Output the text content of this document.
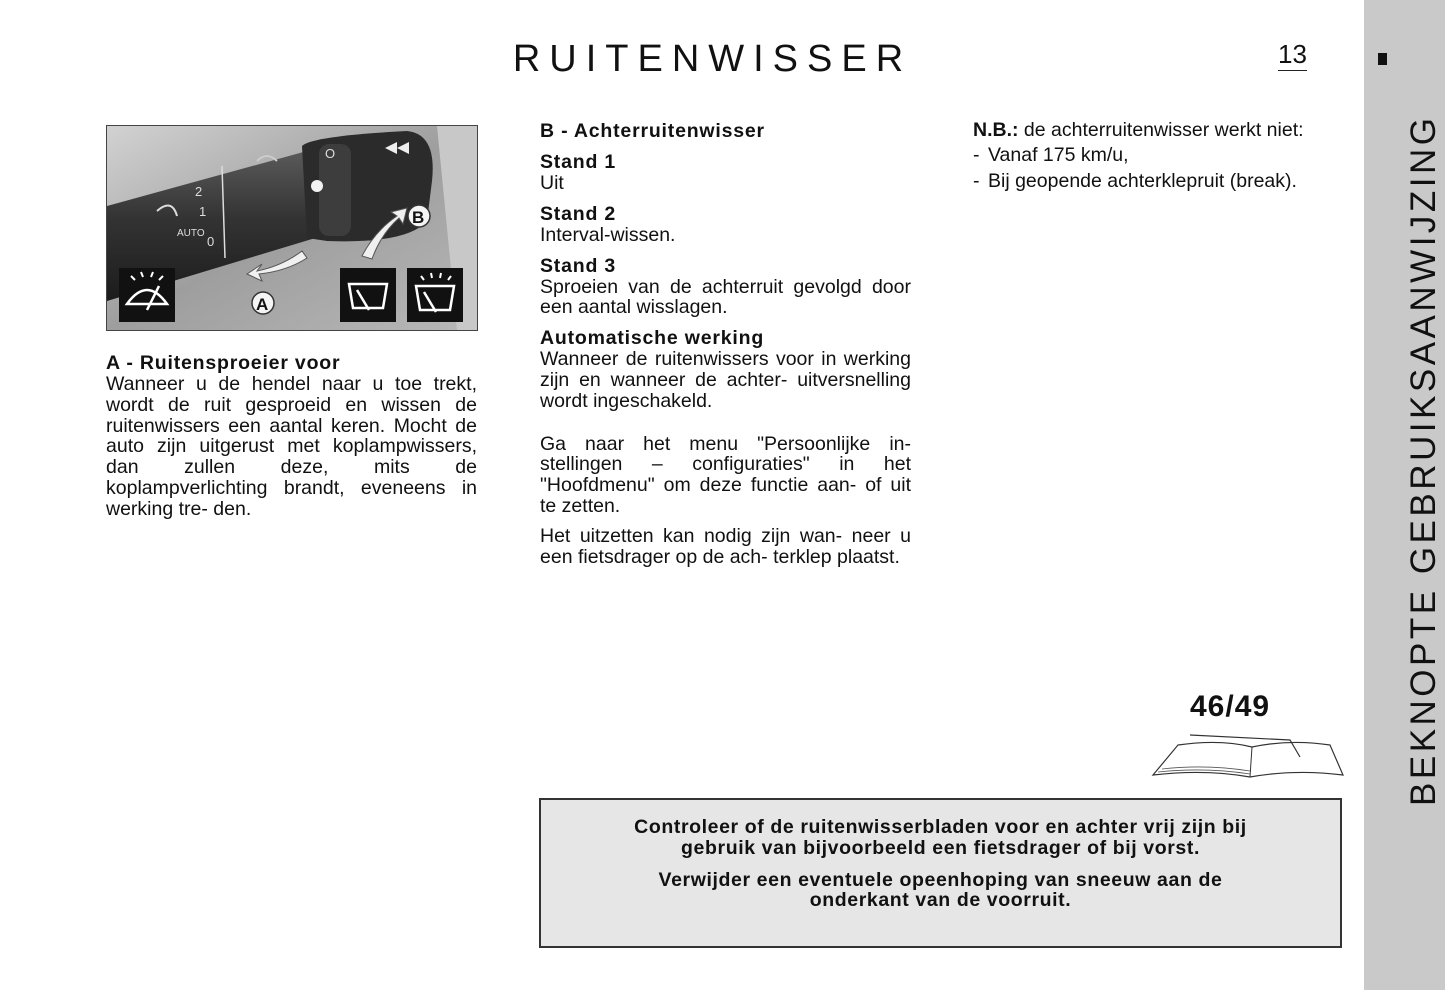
RUITENWISSER	13
BEKNOPTE GEBRUIKSAANWIJZING
2
1
AUTO
0
O
B
A
A - Ruitensproeier voor

Wanneer u de hendel naar u toe trekt, wordt de ruit gesproeid en wissen de ruitenwissers een aantal keren. Mocht de auto zijn uitgerust met koplampwissers, dan zullen deze, mits de koplampverlichting brandt, eveneens in werking tre- den.

B - Achterruitenwisser
Stand 1

Uit

Stand 2

Interval-wissen.

Stand 3

Sproeien van de achterruit gevolgd door een aantal wisslagen.

Automatische werking

Wanneer de ruitenwissers voor in werking zijn en wanneer de achter- uitversnelling wordt ingeschakeld.

Ga naar het menu "Persoonlijke in- stellingen – configuraties" in het "Hoofdmenu" om deze functie aan- of uit te zetten.

Het uitzetten kan nodig zijn wan- neer u een fietsdrager op de ach- terklep plaatst.

N.B.: de achterruitenwisser werkt niet:

- Vanaf 175 km/u,
- Bij geopende achterklepruit (break).
46/49

Controleer of de ruitenwisserbladen voor en achter vrij zijn bij gebruik van bijvoorbeeld een fietsdrager of bij vorst.

Verwijder een eventuele opeenhoping van sneeuw aan de onderkant van de voorruit.
